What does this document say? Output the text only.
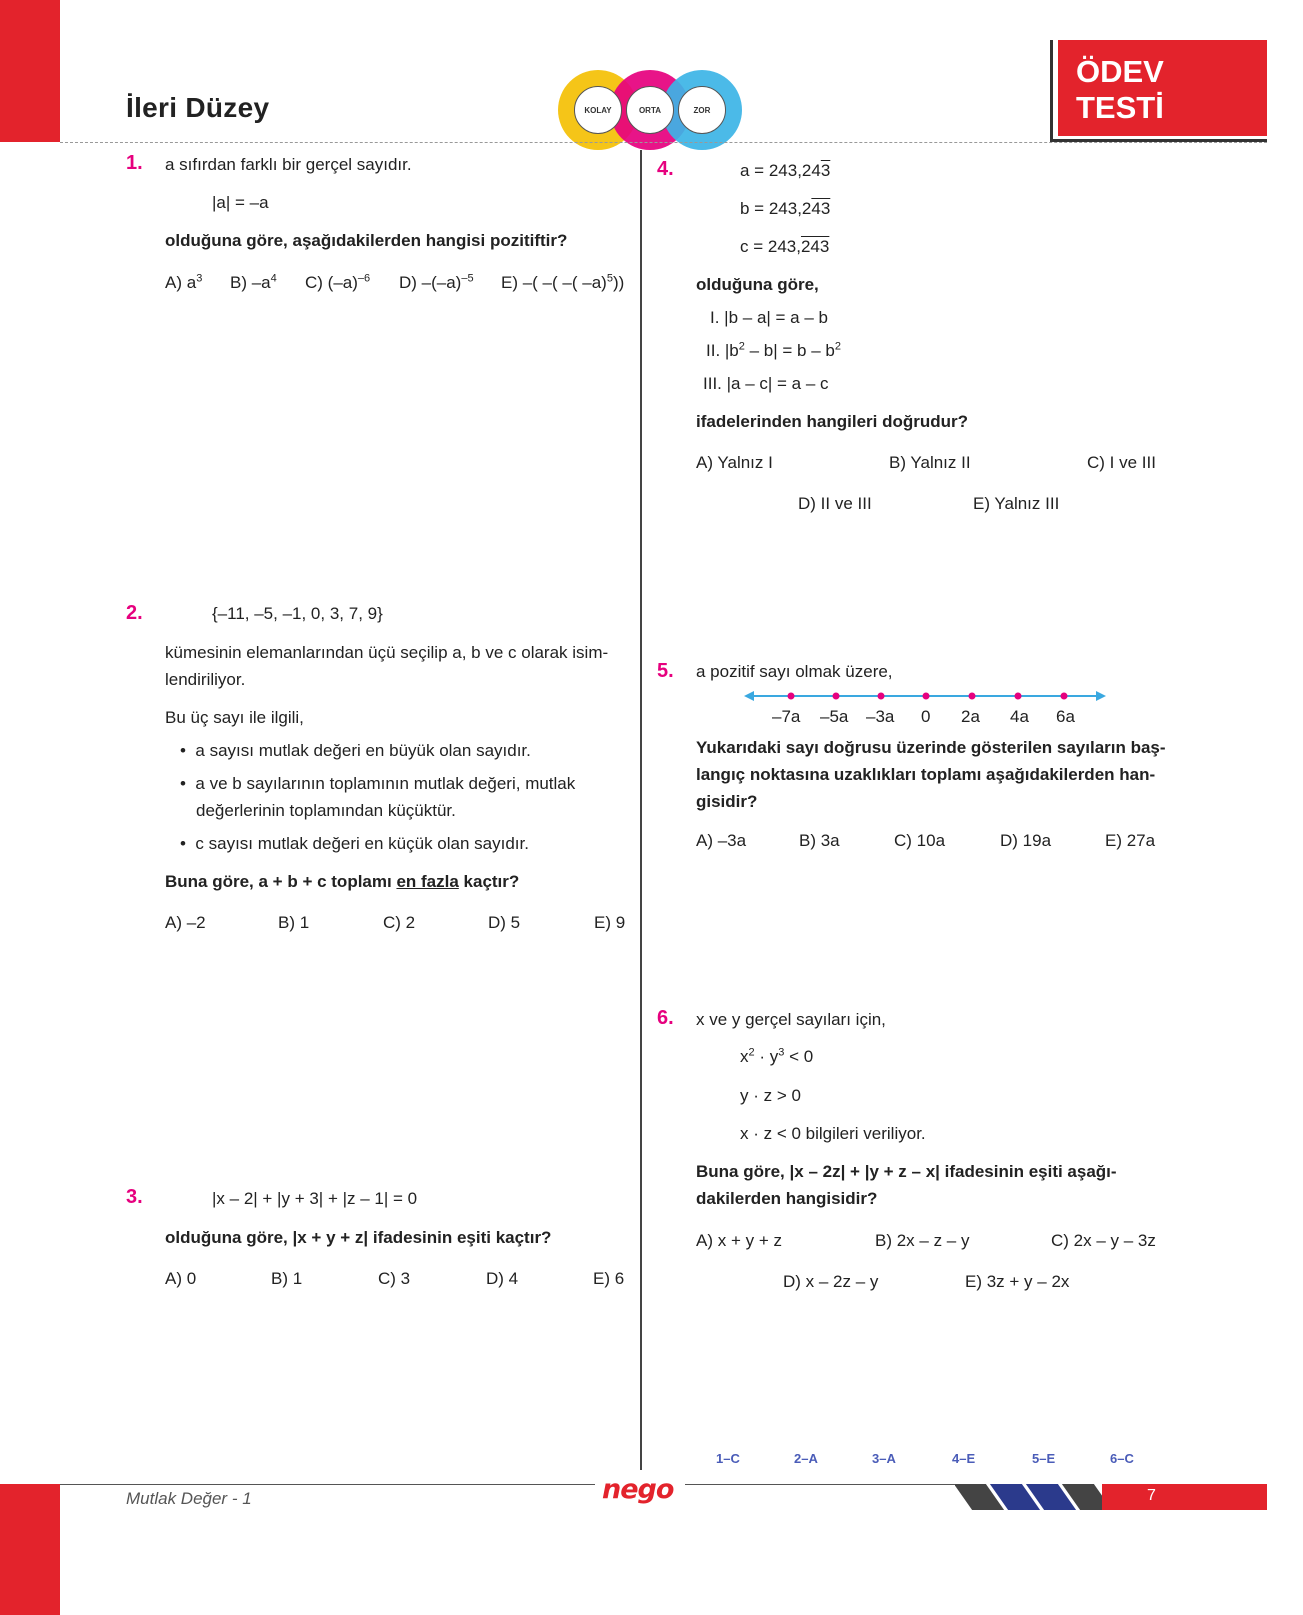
İleri Düzey	KOLAY	ORTA	ZOR
ÖDEV
TESTİ
1. a sıfırdan farklı bir gerçel sayıdır.
|a| = –a
olduğuna göre, aşağıdakilerden hangisi pozitiftir?
A) $a^3$ B) $-a^4$ C) $(-a)^{-6}$ D) $-(-a)^{-5}$ E) –( –( –( –a)$^5$))
2.	{–11, –5, –1, 0, 3, 7, 9}
kümesinin elemanlarından üçü seçilip a, b ve c olarak isim-
lendiriliyor.
Bu üç sayı ile ilgili,
•  a sayısı mutlak değeri en büyük olan sayıdır.
•  a ve b sayılarının toplamının mutlak değeri, mutlak
değerlerinin toplamından küçüktür.
•  c sayısı mutlak değeri en küçük olan sayıdır.
Buna göre, a + b + c toplamı en fazla kaçtır?
A) –2	B) 1	C) 2	D) 5	E) 9
3.	|x – 2| + |y + 3| + |z – 1| = 0
olduğuna göre, |x + y + z| ifadesinin eşiti kaçtır?
A) 0	B) 1	C) 3	D) 4	E) 6
4.	a = 243,243
b = 243,243
c = 243,243
olduğuna göre,
I. |b – a| = a – b
II. $|b^2 - b| = b - b^2$
III. |a – c| = a – c
ifadelerinden hangileri doğrudur?
A) Yalnız I	B) Yalnız II	C) I ve III
D) II ve III	E) Yalnız III
5. a pozitif sayı olmak üzere,
–7a –5a –3a 0 2a 4a 6a
Yukarıdaki sayı doğrusu üzerinde gösterilen sayıların baş-
langıç noktasına uzaklıkları toplamı aşağıdakilerden han-
gisidir?
A) –3a	B) 3a	C) 10a	D) 19a	E) 27a
6. x ve y gerçel sayıları için,
$x^2 \cdot y^3 < 0$
y · z > 0
x · z < 0 bilgileri veriliyor.
Buna göre, |x – 2z| + |y + z – x| ifadesinin eşiti aşağı-
dakilerden hangisidir?
A) x + y + z	B) 2x – z – y	C) 2x – y – 3z
D) x – 2z – y	E) 3z + y – 2x
1–C	2–A	3–A	4–E	5–E	6–C
Mutlak Değer - 1	nego	7
